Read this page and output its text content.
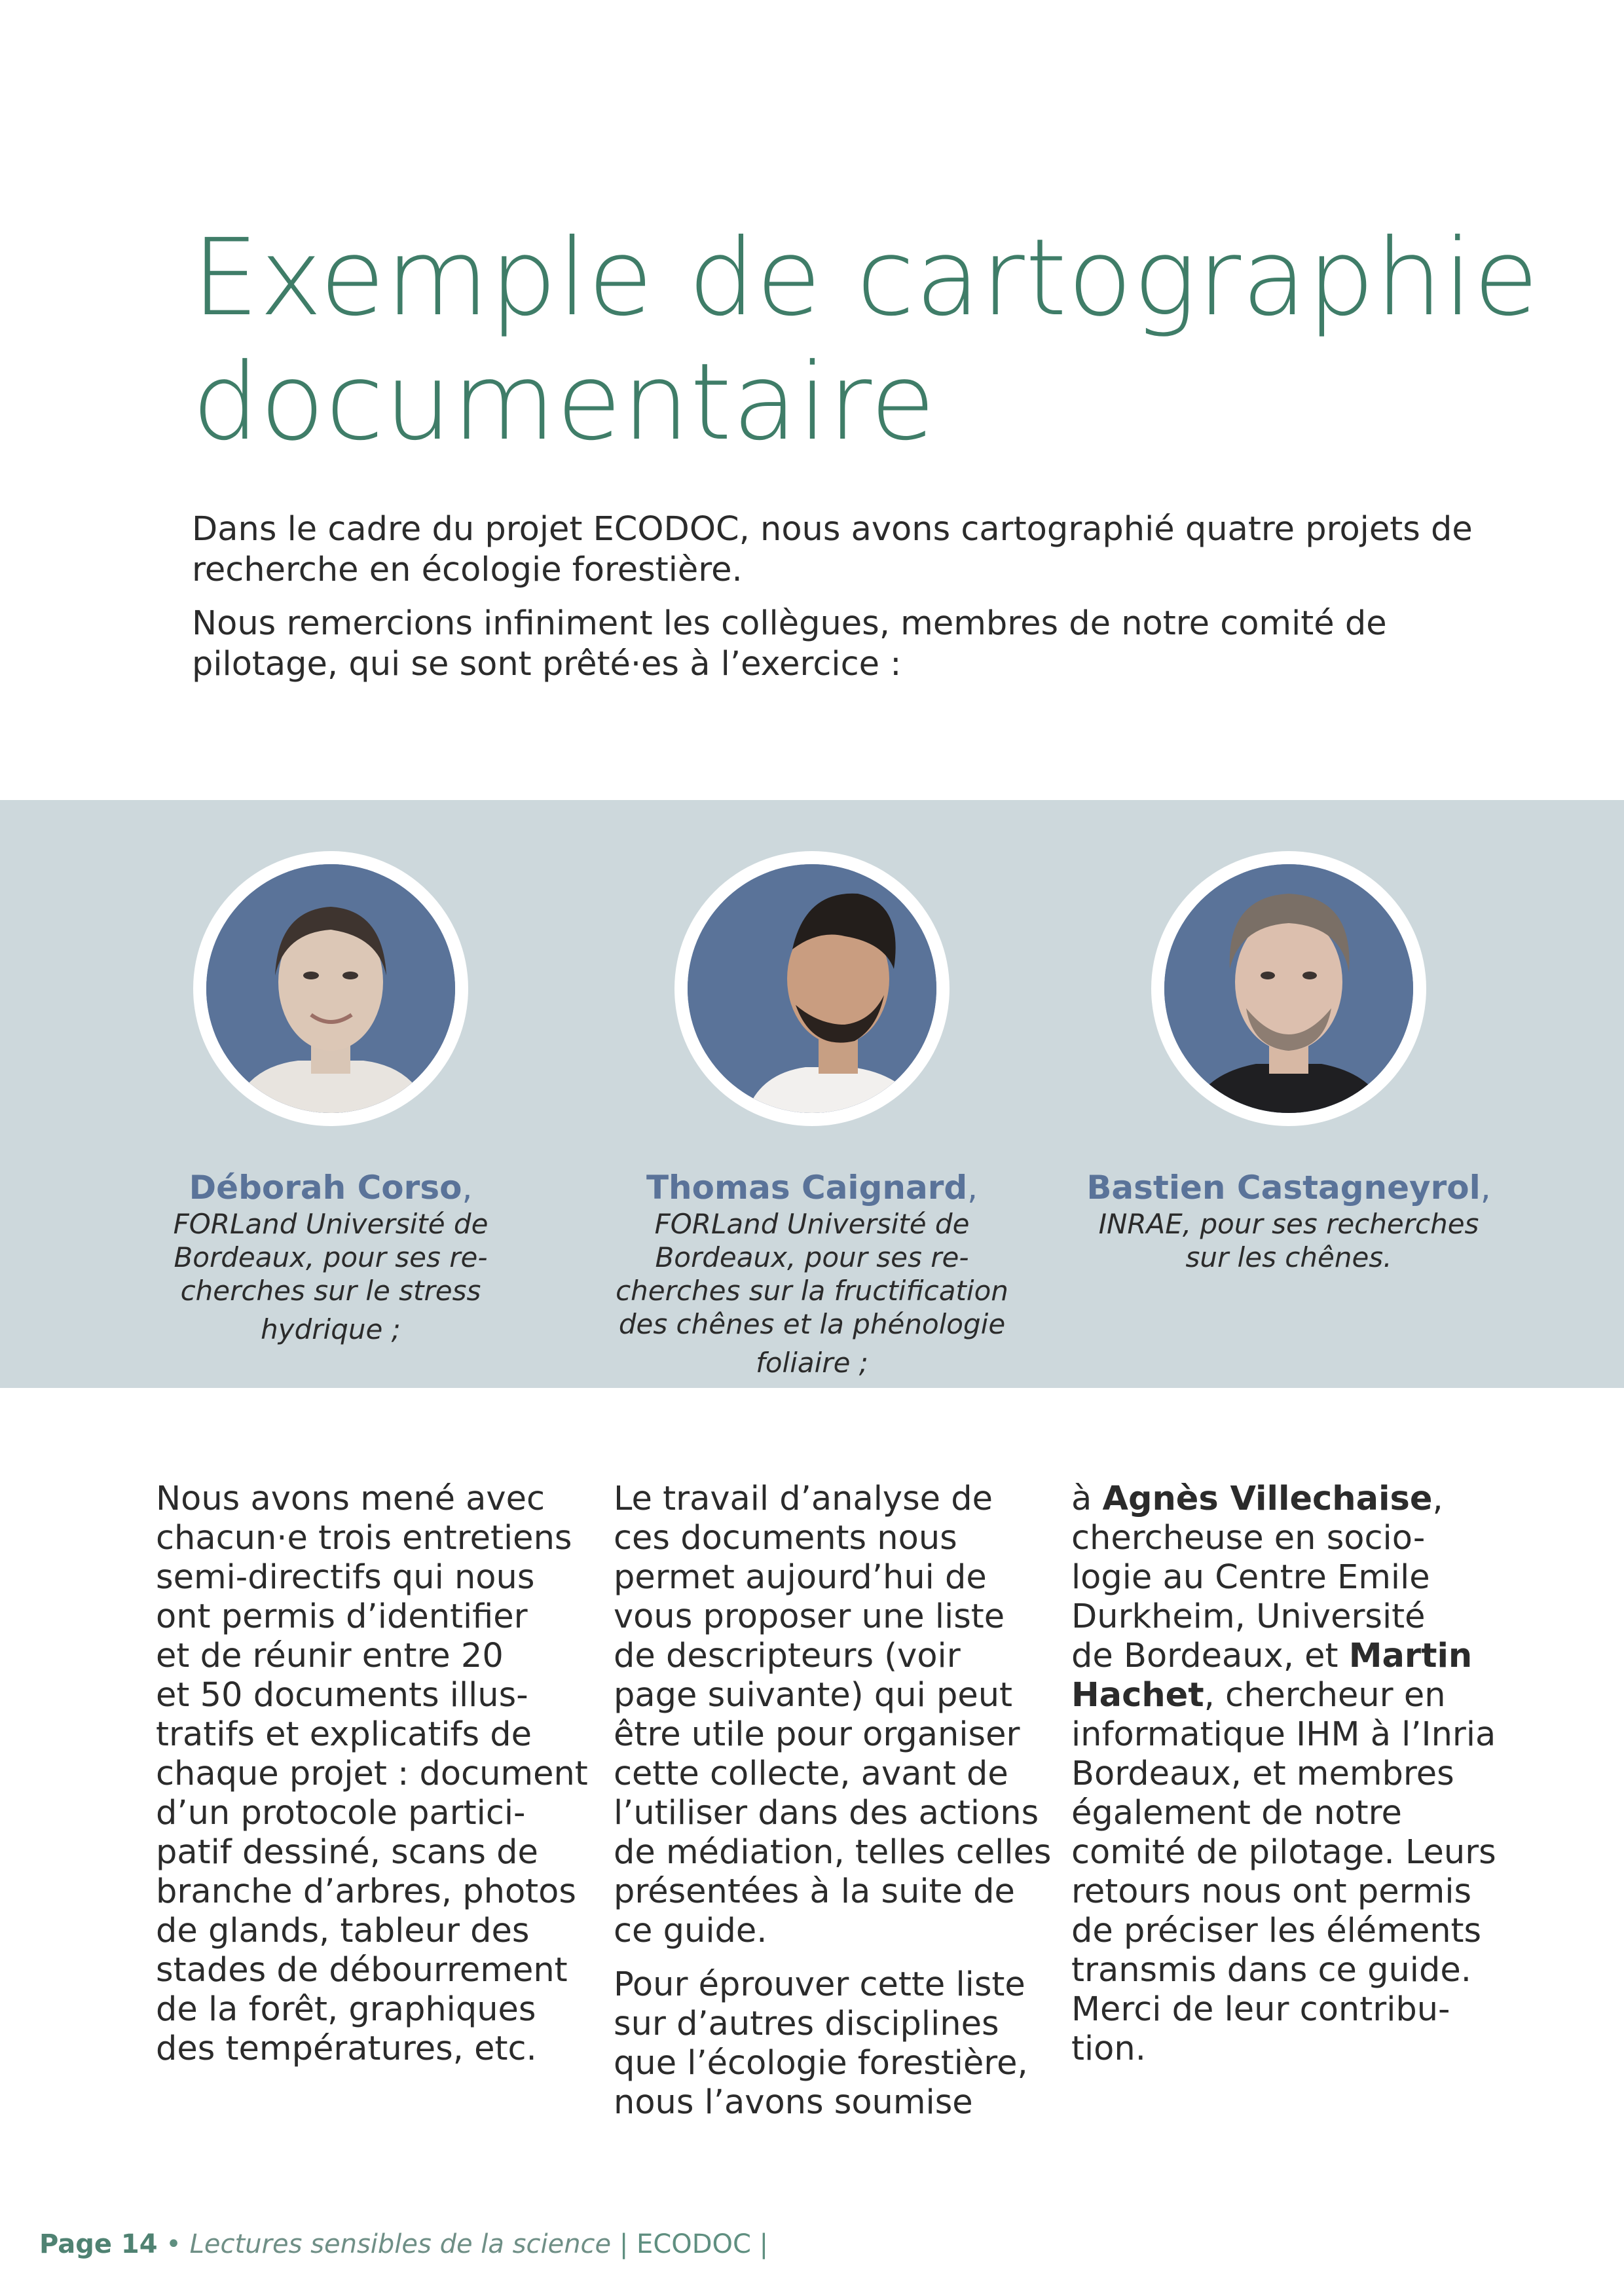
Exemple de cartographie
documentaire

Dans le cadre du projet ECODOC, nous avons cartographié quatre projets de recherche en écologie forestière.

Nous remercions infiniment les collègues, membres de notre comité de pilotage, qui se sont prêté·es à l’exercice :

Déborah Corso,
FORLand Université de
Bordeaux, pour ses re-
cherches sur le stress
hydrique ;
Thomas Caignard,
FORLand Université de
Bordeaux, pour ses re-
cherches sur la fructification
des chênes et la phénologie
foliaire ;
Bastien Castagneyrol,
INRAE, pour ses recherches
sur les chênes.

Nous avons mené avec
chacun·e trois entretiens
semi-directifs qui nous
ont permis d’identifier
et de réunir entre 20
et 50 documents illus-
tratifs et explicatifs de
chaque projet : document
d’un protocole partici-
patif dessiné, scans de
branche d’arbres, photos
de glands, tableur des
stades de débourrement
de la forêt, graphiques
des températures, etc.

Le travail d’analyse de
ces documents nous
permet aujourd’hui de
vous proposer une liste
de descripteurs (voir
page suivante) qui peut
être utile pour organiser
cette collecte, avant de
l’utiliser dans des actions
de médiation, telles celles
présentées à la suite de
ce guide.

Pour éprouver cette liste
sur d’autres disciplines
que l’écologie forestière,
nous l’avons soumise

à Agnès Villechaise,
chercheuse en socio-
logie au Centre Emile
Durkheim, Université
de Bordeaux, et Martin
Hachet, chercheur en
informatique IHM à l’Inria
Bordeaux, et membres
également de notre
comité de pilotage. Leurs
retours nous ont permis
de préciser les éléments
transmis dans ce guide.
Merci de leur contribu-
tion.

Page 14 • Lectures sensibles de la science | ECODOC |
